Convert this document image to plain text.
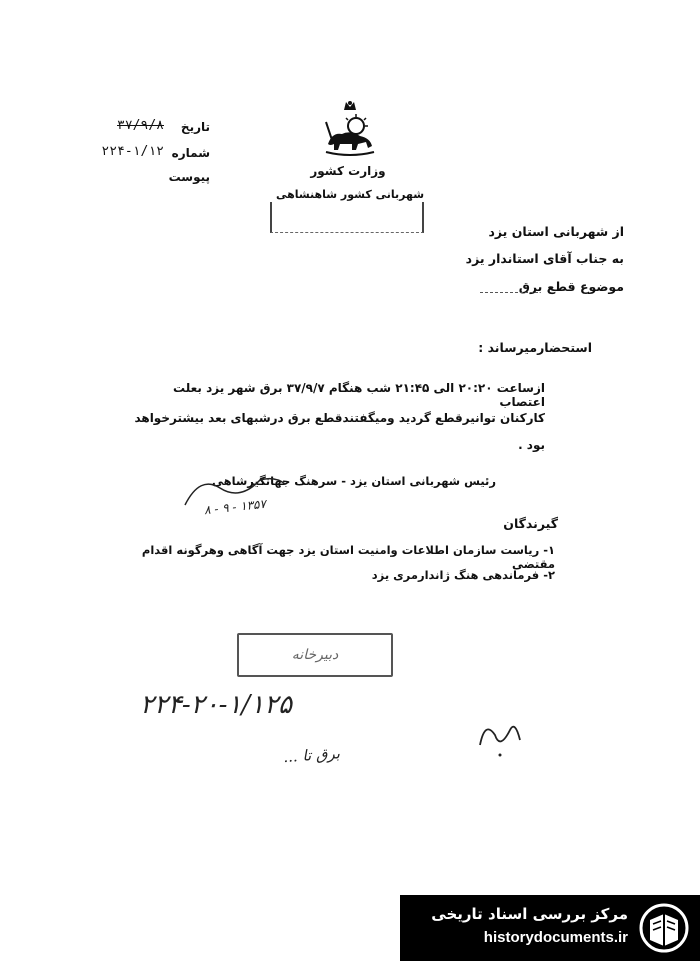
تاریخ
۳۷/۹/۸
شماره
۲۲۴-۱/۱۲
پیوست	وزارت کشور
شهربانی کشور شاهنشاهی
از شهربانی استان یزد
به جناب آقای استاندار یزد
موضوع قطع برق
استحضارمیرساند :
ازساعت ۲۰:۲۰ الی ۲۱:۴۵ شب هنگام ۳۷/۹/۷ برق شهر یزد بعلت اعتصاب
کارکنان توانیرقطع گردید ومیگفتندقطع برق درشبهای بعد بیشترخواهد
بود .
رئیس شهربانی استان یزد - سرهنگ جهانگیرشاهی
۸ - ۹ - ۱۳۵۷
گیرندگان
۱- ریاست سازمان اطلاعات وامنیت استان یزد جهت آگاهی وهرگونه اقدام مقتضی
۲- فرماندهی هنگ ژاندارمری یزد
دبیرخانه
۲۲۴-۲۰-۱/۱۲۵
برق تا ...
مرکز بررسی اسناد تاریخی
historydocuments.ir
